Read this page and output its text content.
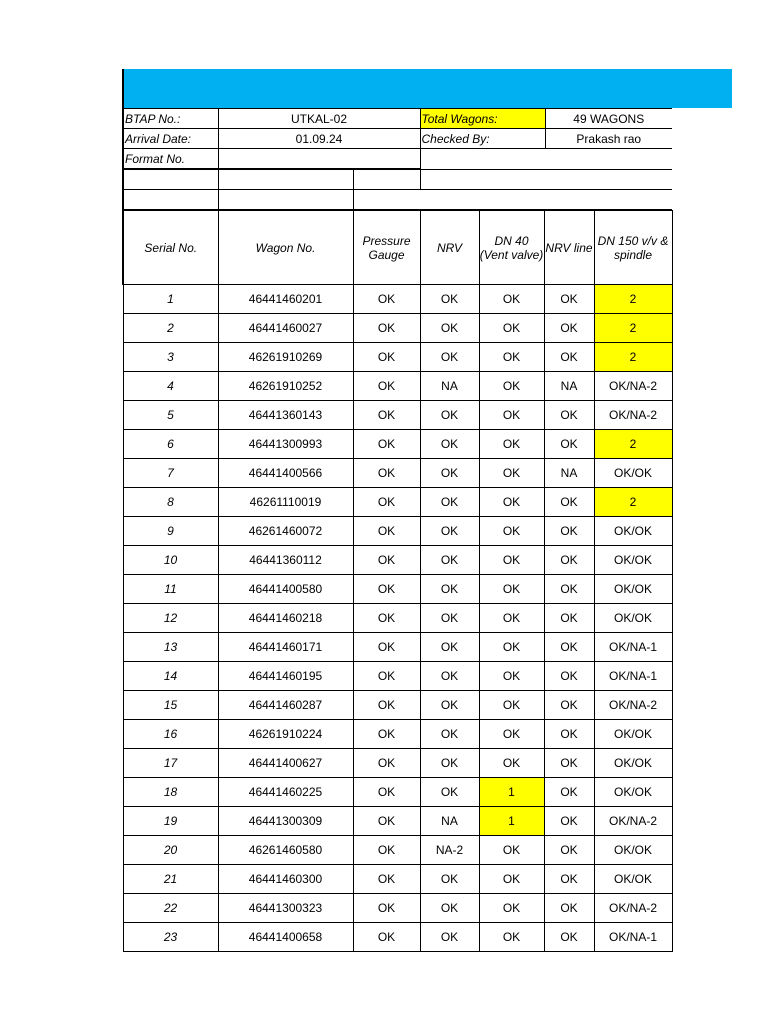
BTAP No.:	UTKAL-02	Total Wagons:	49 WAGONS
Arrival Date:	01.09.24	Checked By:	Prakash rao
Format No.			

Serial No.	Wagon No.	Pressure Gauge	NRV	DN 40 (Vent valve)	NRV line	DN 150 v/v & spindle
1	46441460201	OK	OK	OK	OK	2
2	46441460027	OK	OK	OK	OK	2
3	46261910269	OK	OK	OK	OK	2
4	46261910252	OK	NA	OK	NA	OK/NA-2
5	46441360143	OK	OK	OK	OK	OK/NA-2
6	46441300993	OK	OK	OK	OK	2
7	46441400566	OK	OK	OK	NA	OK/OK
8	46261110019	OK	OK	OK	OK	2
9	46261460072	OK	OK	OK	OK	OK/OK
10	46441360112	OK	OK	OK	OK	OK/OK
11	46441400580	OK	OK	OK	OK	OK/OK
12	46441460218	OK	OK	OK	OK	OK/OK
13	46441460171	OK	OK	OK	OK	OK/NA-1
14	46441460195	OK	OK	OK	OK	OK/NA-1
15	46441460287	OK	OK	OK	OK	OK/NA-2
16	46261910224	OK	OK	OK	OK	OK/OK
17	46441400627	OK	OK	OK	OK	OK/OK
18	46441460225	OK	OK	1	OK	OK/OK
19	46441300309	OK	NA	1	OK	OK/NA-2
20	46261460580	OK	NA-2	OK	OK	OK/OK
21	46441460300	OK	OK	OK	OK	OK/OK
22	46441300323	OK	OK	OK	OK	OK/NA-2
23	46441400658	OK	OK	OK	OK	OK/NA-1
